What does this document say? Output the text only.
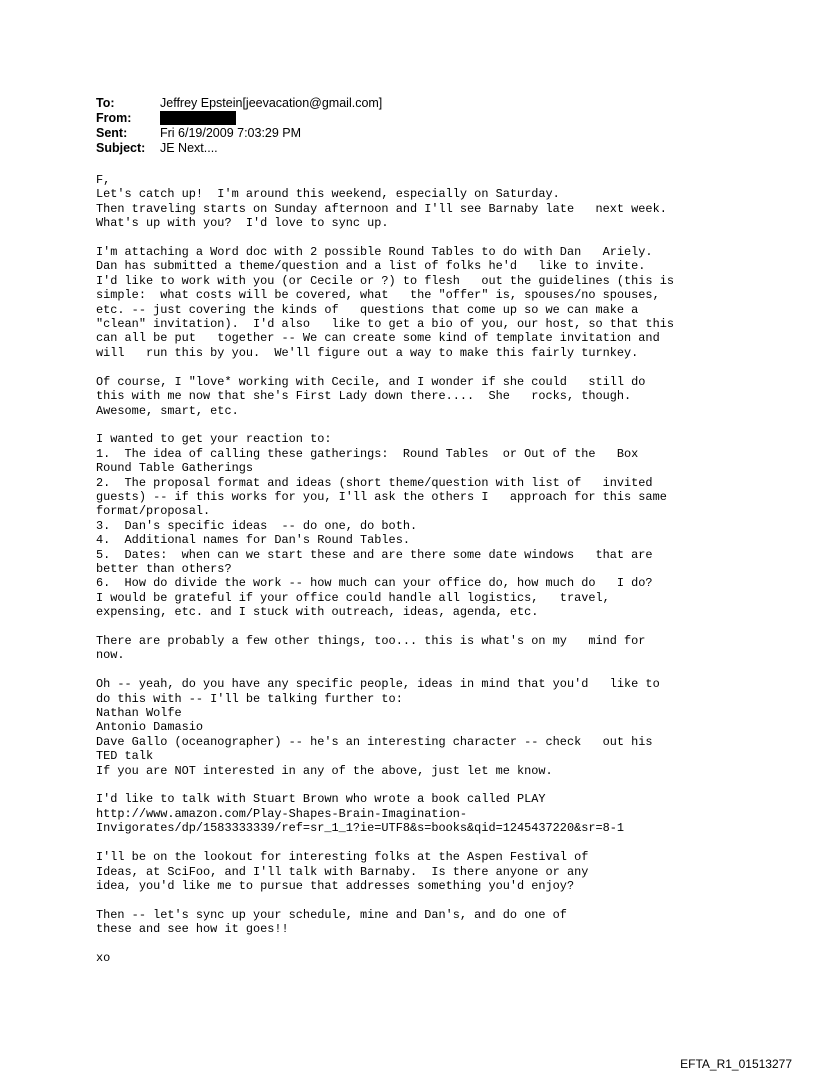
To:	Jeffrey Epstein[jeevacation@gmail.com]
From:
Sent:	Fri 6/19/2009 7:03:29 PM
Subject:	JE Next....
F,
Let's catch up!  I'm around this weekend, especially on Saturday.
Then traveling starts on Sunday afternoon and I'll see Barnaby late   next week.
What's up with you?  I'd love to sync up.

I'm attaching a Word doc with 2 possible Round Tables to do with Dan   Ariely.
Dan has submitted a theme/question and a list of folks he'd   like to invite.
I'd like to work with you (or Cecile or ?) to flesh   out the guidelines (this is
simple:  what costs will be covered, what   the "offer" is, spouses/no spouses,
etc. -- just covering the kinds of   questions that come up so we can make a
"clean" invitation).  I'd also   like to get a bio of you, our host, so that this
can all be put   together -- We can create some kind of template invitation and
will   run this by you.  We'll figure out a way to make this fairly turnkey.

Of course, I "love* working with Cecile, and I wonder if she could   still do
this with me now that she's First Lady down there....  She   rocks, though.
Awesome, smart, etc.

I wanted to get your reaction to:
1.  The idea of calling these gatherings:  Round Tables  or Out of the   Box
Round Table Gatherings
2.  The proposal format and ideas (short theme/question with list of   invited
guests) -- if this works for you, I'll ask the others I   approach for this same
format/proposal.
3.  Dan's specific ideas  -- do one, do both.
4.  Additional names for Dan's Round Tables.
5.  Dates:  when can we start these and are there some date windows   that are
better than others?
6.  How do divide the work -- how much can your office do, how much do   I do?
I would be grateful if your office could handle all logistics,   travel,
expensing, etc. and I stuck with outreach, ideas, agenda, etc.

There are probably a few other things, too... this is what's on my   mind for
now.

Oh -- yeah, do you have any specific people, ideas in mind that you'd   like to
do this with -- I'll be talking further to:
Nathan Wolfe
Antonio Damasio
Dave Gallo (oceanographer) -- he's an interesting character -- check   out his
TED talk
If you are NOT interested in any of the above, just let me know.

I'd like to talk with Stuart Brown who wrote a book called PLAY
http://www.amazon.com/Play-Shapes-Brain-Imagination-
Invigorates/dp/1583333339/ref=sr_1_1?ie=UTF8&s=books&qid=1245437220&sr=8-1

I'll be on the lookout for interesting folks at the Aspen Festival of
Ideas, at SciFoo, and I'll talk with Barnaby.  Is there anyone or any
idea, you'd like me to pursue that addresses something you'd enjoy?

Then -- let's sync up your schedule, mine and Dan's, and do one of
these and see how it goes!!

xo
EFTA_R1_01513277
